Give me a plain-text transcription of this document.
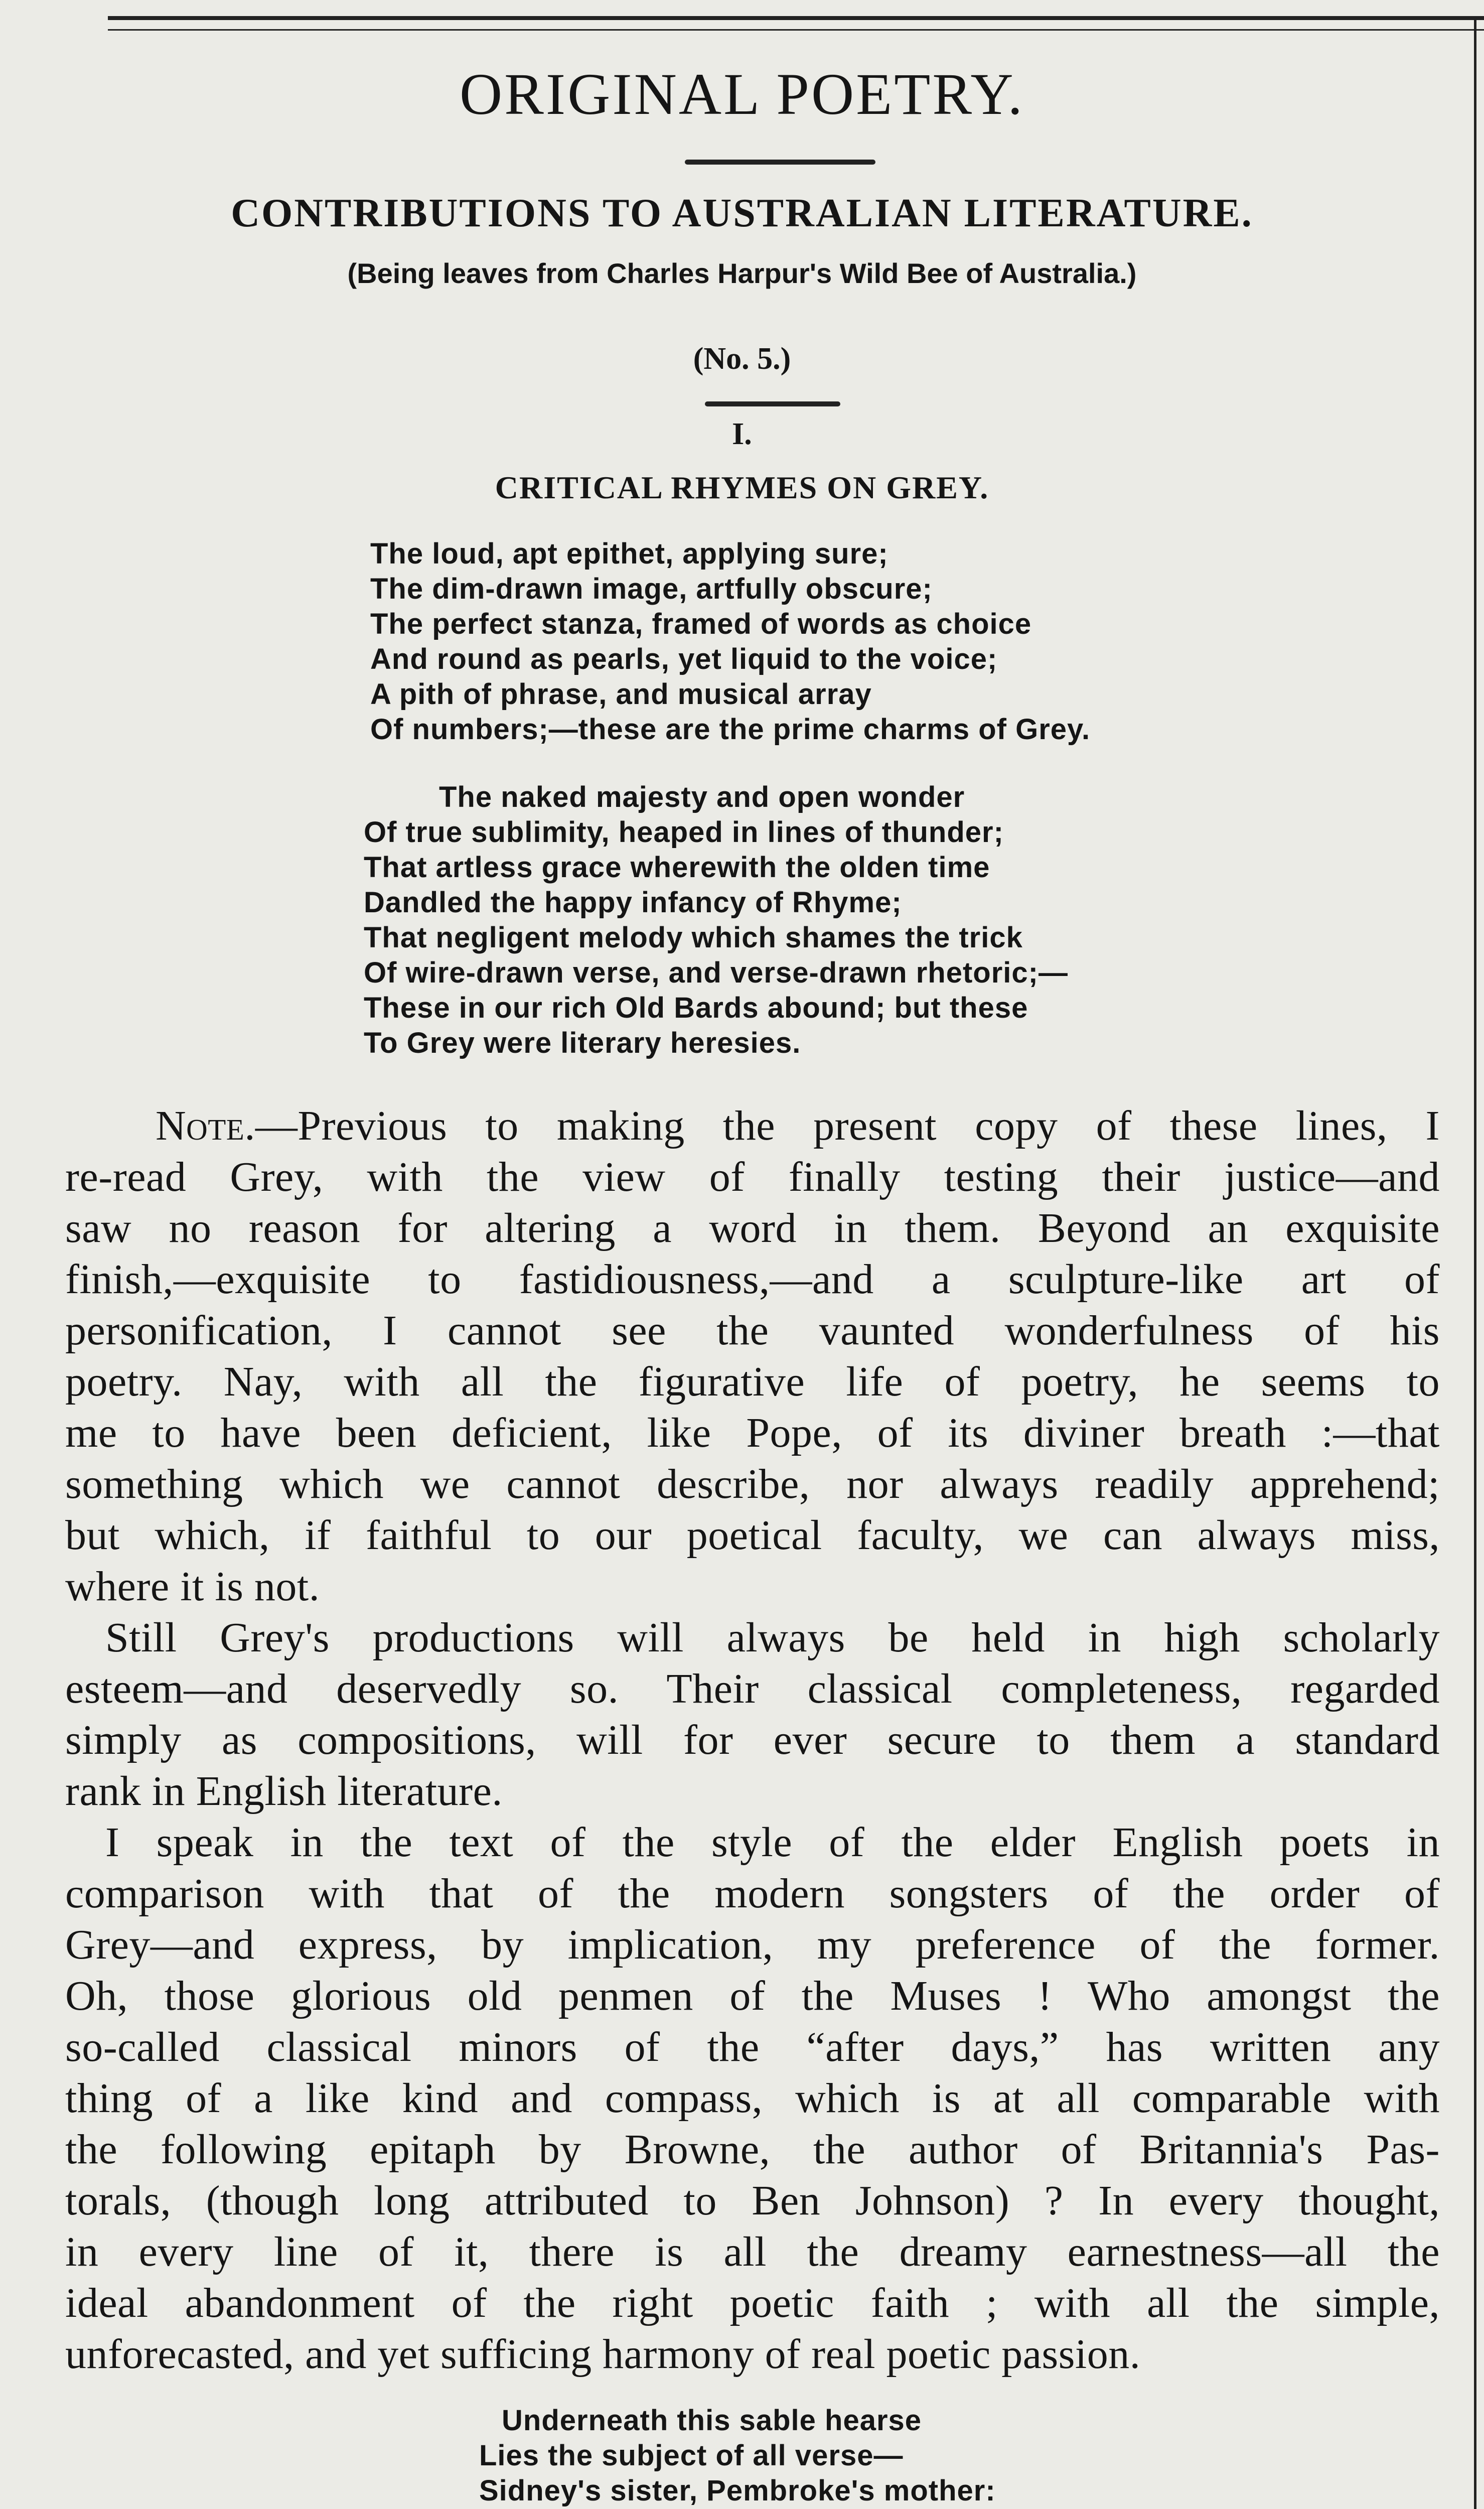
ORIGINAL POETRY.
CONTRIBUTIONS TO AUSTRALIAN LITERATURE.
(Being leaves from Charles Harpur's Wild Bee of Australia.)
(No. 5.)
I.
CRITICAL RHYMES ON GREY.
The loud, apt epithet, applying sure;
The dim-drawn image, artfully obscure;
The perfect stanza, framed of words as choice
And round as pearls, yet liquid to the voice;
A pith of phrase, and musical array
Of numbers;—these are the prime charms of Grey.
The naked majesty and open wonder
Of true sublimity, heaped in lines of thunder;
That artless grace wherewith the olden time
Dandled the happy infancy of Rhyme;
That negligent melody which shames the trick
Of wire-drawn verse, and verse-drawn rhetoric;—
These in our rich Old Bards abound; but these
To Grey were literary heresies.
Note.—Previous to making the present copy of these lines, I
re-read Grey, with the view of finally testing their justice—and
saw no reason for altering a word in them. Beyond an exquisite
finish,—exquisite to fastidiousness,—and a sculpture-like art of
personification, I cannot see the vaunted wonderfulness of his
poetry. Nay, with all the figurative life of poetry, he seems to
me to have been deficient, like Pope, of its diviner breath :—that
something which we cannot describe, nor always readily apprehend;
but which, if faithful to our poetical faculty, we can always miss,
where it is not.
Still Grey's productions will always be held in high scholarly
esteem—and deservedly so. Their classical completeness, regarded
simply as compositions, will for ever secure to them a standard
rank in English literature.
I speak in the text of the style of the elder English poets in
comparison with that of the modern songsters of the order of
Grey—and express, by implication, my preference of the former.
Oh, those glorious old penmen of the Muses ! Who amongst the
so-called classical minors of the “after days,” has written any
thing of a like kind and compass, which is at all comparable with
the following epitaph by Browne, the author of Britannia's Pas-
torals, (though long attributed to Ben Johnson) ? In every thought,
in every line of it, there is all the dreamy earnestness—all the
ideal abandonment of the right poetic faith ; with all the simple,
unforecasted, and yet sufficing harmony of real poetic passion.
Underneath this sable hearse
Lies the subject of all verse—
Sidney's sister, Pembroke's mother:
